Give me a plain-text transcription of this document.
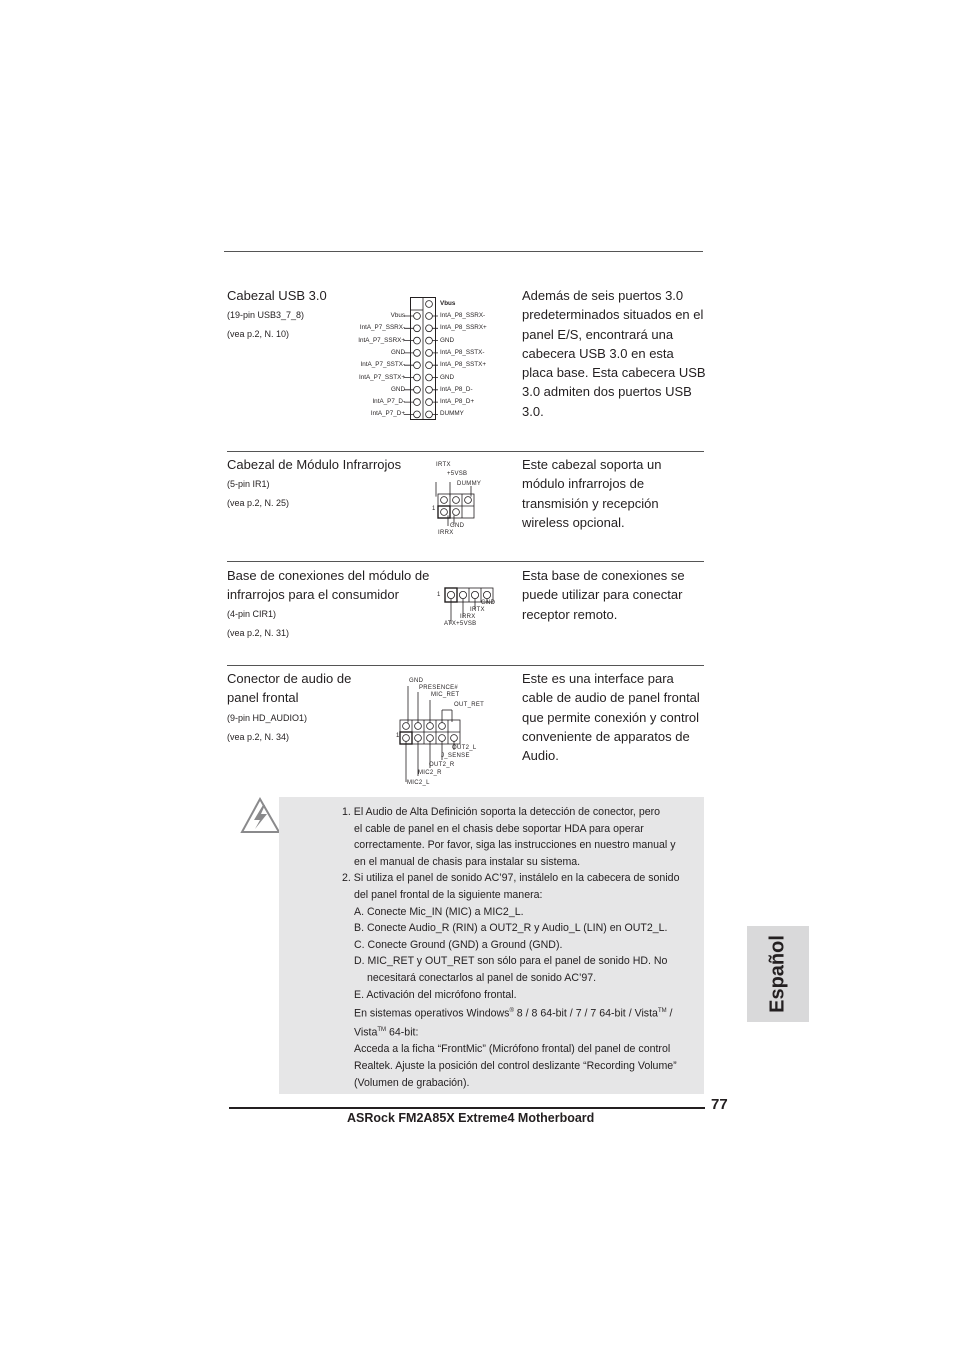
Cabezal USB 3.0
(19-pin USB3_7_8)
(vea p.2, N. 10)
Vbus
IntA_P7_SSRX-
IntA_P7_SSRX+
GND
IntA_P7_SSTX-
IntA_P7_SSTX+
GND
IntA_P7_D-
IntA_P7_D+
Vbus
IntA_P8_SSRX-
IntA_P8_SSRX+
GND
IntA_P8_SSTX-
IntA_P8_SSTX+
GND
IntA_P8_D-
IntA_P8_D+
DUMMY
Además de seis puertos 3.0
predeterminados situados en el
panel E/S, encontrará una
cabecera USB 3.0 en esta
placa base. Esta cabecera USB
3.0 admiten dos puertos USB
3.0.
Cabezal de Módulo Infrarrojos
(5-pin IR1)
(vea p.2, N. 25)
IRTX
+5VSB
DUMMY
1
GND
IRRX
Este cabezal soporta un
módulo infrarrojos de
transmisión y recepción
wireless opcional.
Base de conexiones del módulo de
infrarrojos para el consumidor
(4-pin CIR1)
(vea p.2, N. 31)
1
GND
IRTX
IRRX
ATX+5VSB
Esta base de conexiones se
puede utilizar para conectar
receptor remoto.
Conector de audio de
panel frontal
(9-pin HD_AUDIO1)
(vea p.2, N. 34)
GND
PRESENCE#
MIC_RET
OUT_RET
1
OUT2_L
J_SENSE
OUT2_R
MIC2_R
MIC2_L
Este es una interface para
cable de audio de panel frontal
que permite conexión y control
conveniente de apparatos de
Audio.
1. El Audio de Alta Definición soporta la detección de conector, pero
el cable de panel en el chasis debe soportar HDA para operar
correctamente. Por favor, siga las instrucciones en nuestro manual y
en el manual de chasis para instalar su sistema.
2. Si utiliza el panel de sonido AC’97, instálelo en la cabecera de sonido
del panel frontal de la siguiente manera:
A. Conecte Mic_IN (MIC) a MIC2_L.
B. Conecte Audio_R (RIN) a OUT2_R y Audio_L (LIN) en OUT2_L.
C. Conecte Ground (GND) a Ground (GND).
D. MIC_RET y OUT_RET son sólo para el panel de sonido HD. No
necesitará conectarlos al panel de sonido AC’97.
E. Activación del micrófono frontal.
En sistemas operativos Windows® 8 / 8 64-bit / 7 / 7 64-bit / Vista™ /
Vista™ 64-bit:
Acceda a la ficha “FrontMic” (Micrófono frontal) del panel de control
Realtek. Ajuste la posición del control deslizante “Recording Volume”
(Volumen de grabación).
Español
77
ASRock FM2A85X Extreme4 Motherboard
